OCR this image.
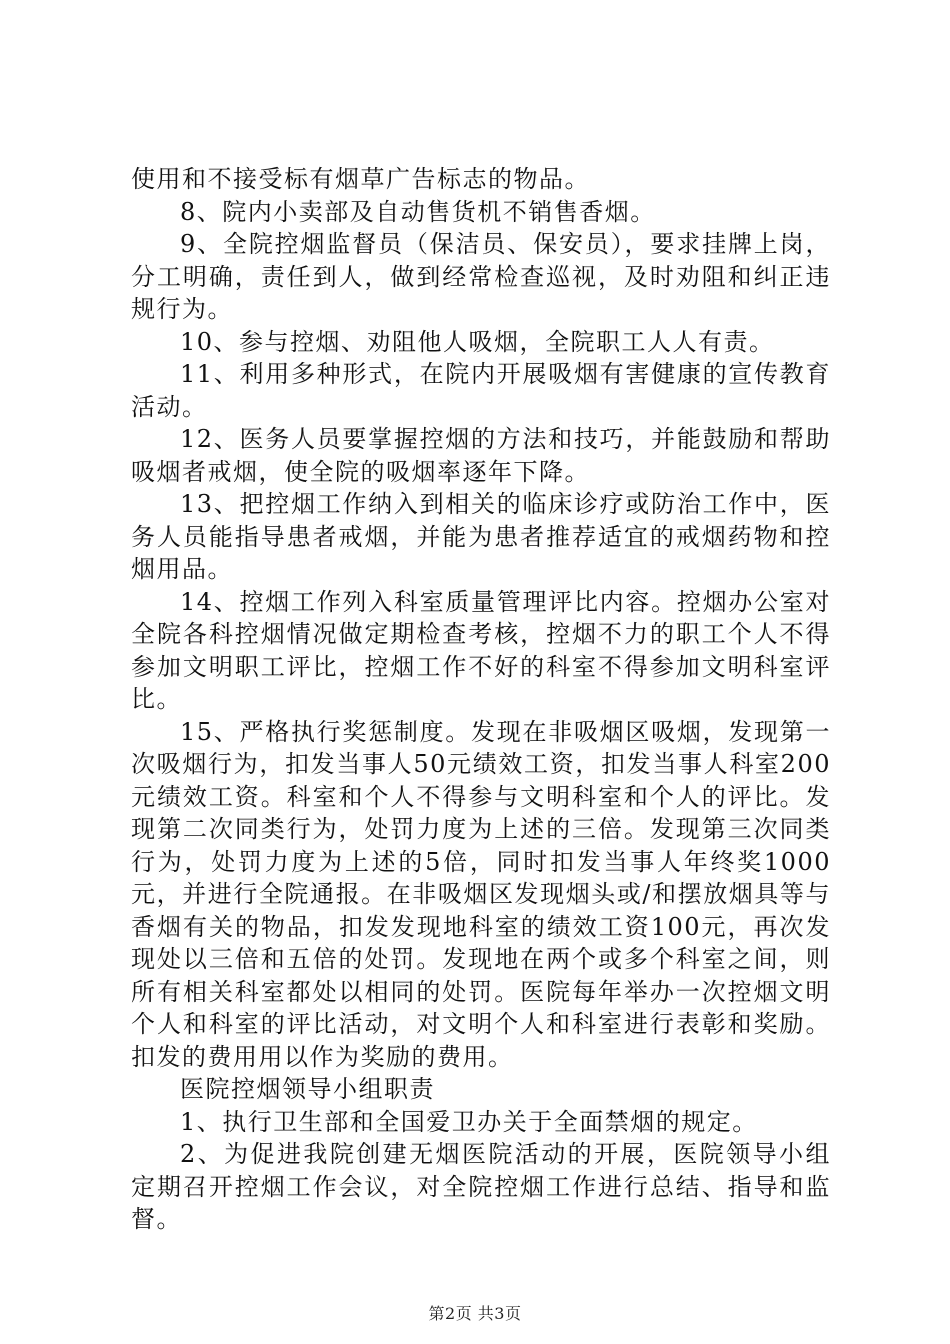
使用和不接受标有烟草广告标志的物品。

8、院内小卖部及自动售货机不销售香烟。

9、全院控烟监督员（保洁员、保安员），要求挂牌上岗，分工明确，责任到人，做到经常检查巡视，及时劝阻和纠正违规行为。

10、参与控烟、劝阻他人吸烟，全院职工人人有责。

11、利用多种形式，在院内开展吸烟有害健康的宣传教育活动。

12、医务人员要掌握控烟的方法和技巧，并能鼓励和帮助吸烟者戒烟，使全院的吸烟率逐年下降。

13、把控烟工作纳入到相关的临床诊疗或防治工作中，医务人员能指导患者戒烟，并能为患者推荐适宜的戒烟药物和控烟用品。

14、控烟工作列入科室质量管理评比内容。控烟办公室对全院各科控烟情况做定期检查考核，控烟不力的职工个人不得参加文明职工评比，控烟工作不好的科室不得参加文明科室评比。

15、严格执行奖惩制度。发现在非吸烟区吸烟，发现第一次吸烟行为，扣发当事人50元绩效工资，扣发当事人科室200元绩效工资。科室和个人不得参与文明科室和个人的评比。发现第二次同类行为，处罚力度为上述的三倍。发现第三次同类行为，处罚力度为上述的5倍，同时扣发当事人年终奖1000元，并进行全院通报。在非吸烟区发现烟头或/和摆放烟具等与香烟有关的物品，扣发发现地科室的绩效工资100元，再次发现处以三倍和五倍的处罚。发现地在两个或多个科室之间，则所有相关科室都处以相同的处罚。医院每年举办一次控烟文明个人和科室的评比活动，对文明个人和科室进行表彰和奖励。扣发的费用用以作为奖励的费用。

医院控烟领导小组职责

1、执行卫生部和全国爱卫办关于全面禁烟的规定。

2、为促进我院创建无烟医院活动的开展，医院领导小组定期召开控烟工作会议，对全院控烟工作进行总结、指导和监督。

第2页 共3页
